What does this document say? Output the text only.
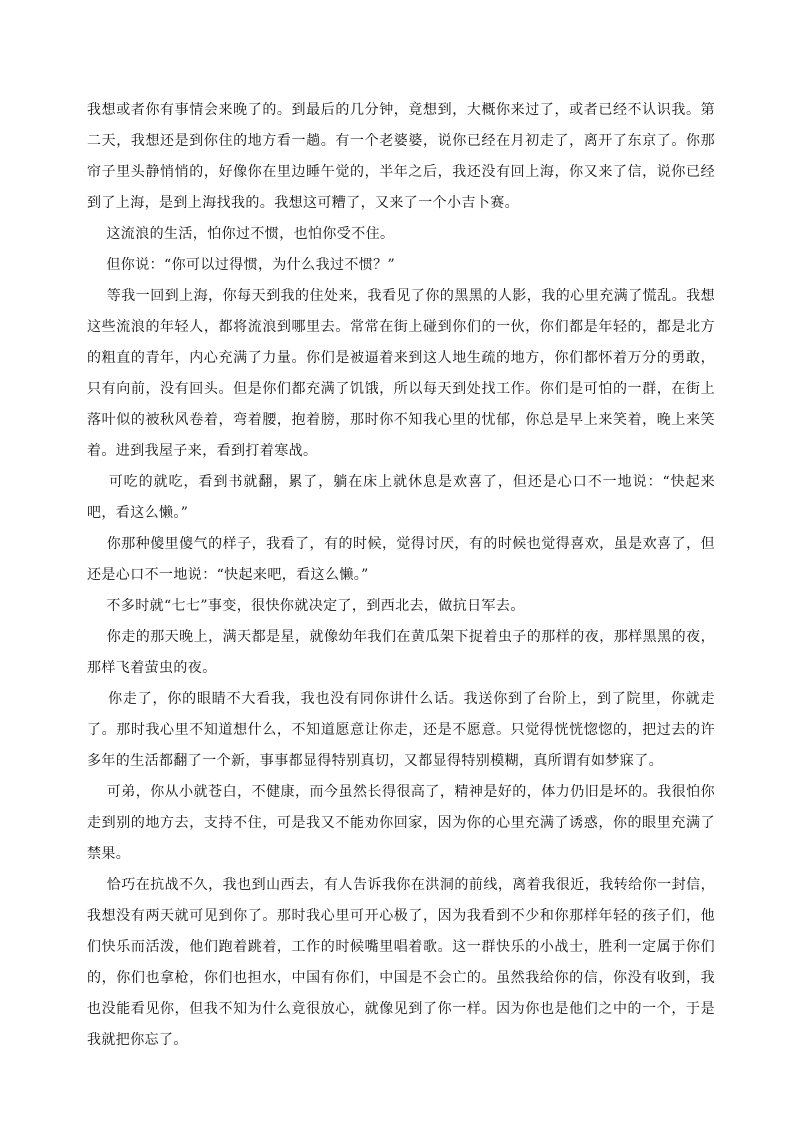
我想或者你有事情会来晚了的。到最后的几分钟，竟想到，大概你来过了，或者已经不认识我。第二天，我想还是到你住的地方看一趟。有一个老婆婆，说你已经在月初走了，离开了东京了。你那帘子里头静悄悄的，好像你在里边睡午觉的，半年之后，我还没有回上海，你又来了信，说你已经到了上海，是到上海找我的。我想这可糟了，又来了一个小吉卜赛。

这流浪的生活，怕你过不惯，也怕你受不住。

但你说：“你可以过得惯，为什么我过不惯？”

等我一回到上海，你每天到我的住处来，我看见了你的黑黑的人影，我的心里充满了慌乱。我想这些流浪的年轻人，都将流浪到哪里去。常常在街上碰到你们的一伙，你们都是年轻的，都是北方的粗直的青年，内心充满了力量。你们是被逼着来到这人地生疏的地方，你们都怀着万分的勇敢，只有向前，没有回头。但是你们都充满了饥饿，所以每天到处找工作。你们是可怕的一群，在街上落叶似的被秋风卷着，弯着腰，抱着膀，那时你不知我心里的忧郁，你总是早上来笑着，晚上来笑着。进到我屋子来，看到打着寒战。

可吃的就吃，看到书就翻，累了，躺在床上就休息是欢喜了，但还是心口不一地说：“快起来吧，看这么懒。”

你那种傻里傻气的样子，我看了，有的时候，觉得讨厌，有的时候也觉得喜欢，虽是欢喜了，但还是心口不一地说：“快起来吧，看这么懒。”

不多时就“七七”事变，很快你就决定了，到西北去，做抗日军去。

你走的那天晚上，满天都是星，就像幼年我们在黄瓜架下捉着虫子的那样的夜，那样黑黑的夜，那样飞着萤虫的夜。

你走了，你的眼睛不大看我，我也没有同你讲什么话。我送你到了台阶上，到了院里，你就走了。那时我心里不知道想什么，不知道愿意让你走，还是不愿意。只觉得恍恍惚惚的，把过去的许多年的生活都翻了一个新，事事都显得特别真切，又都显得特别模糊，真所谓有如梦寐了。

可弟，你从小就苍白，不健康，而今虽然长得很高了，精神是好的，体力仍旧是坏的。我很怕你走到别的地方去，支持不住，可是我又不能劝你回家，因为你的心里充满了诱惑，你的眼里充满了禁果。

恰巧在抗战不久，我也到山西去，有人告诉我你在洪洞的前线，离着我很近，我转给你一封信，我想没有两天就可见到你了。那时我心里可开心极了，因为我看到不少和你那样年轻的孩子们，他们快乐而活泼，他们跑着跳着，工作的时候嘴里唱着歌。这一群快乐的小战士，胜利一定属于你们的，你们也拿枪，你们也担水，中国有你们，中国是不会亡的。虽然我给你的信，你没有收到，我也没能看见你，但我不知为什么竟很放心，就像见到了你一样。因为你也是他们之中的一个，于是我就把你忘了。
